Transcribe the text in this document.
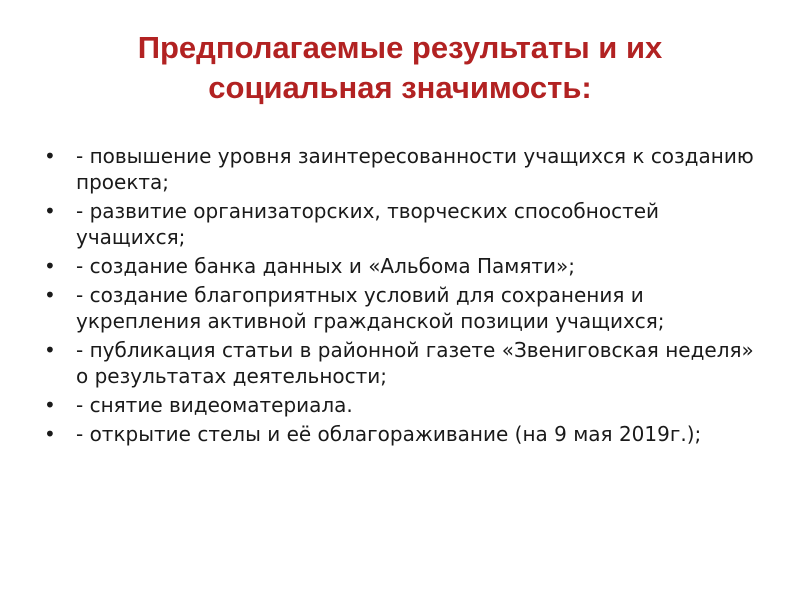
Предполагаемые результаты и их
социальная значимость:
•	- повышение уровня заинтересованности учащихся к созданию проекта;
•	- развитие организаторских, творческих способностей учащихся;
•	- создание банка данных и «Альбома Памяти»;
•	- создание благоприятных условий для сохранения и укрепления активной гражданской позиции учащихся;
•	- публикация статьи в районной газете «Звениговская неделя» о результатах деятельности;
•	- снятие видеоматериала.
•	- открытие стелы и её облагораживание (на 9 мая 2019г.);
